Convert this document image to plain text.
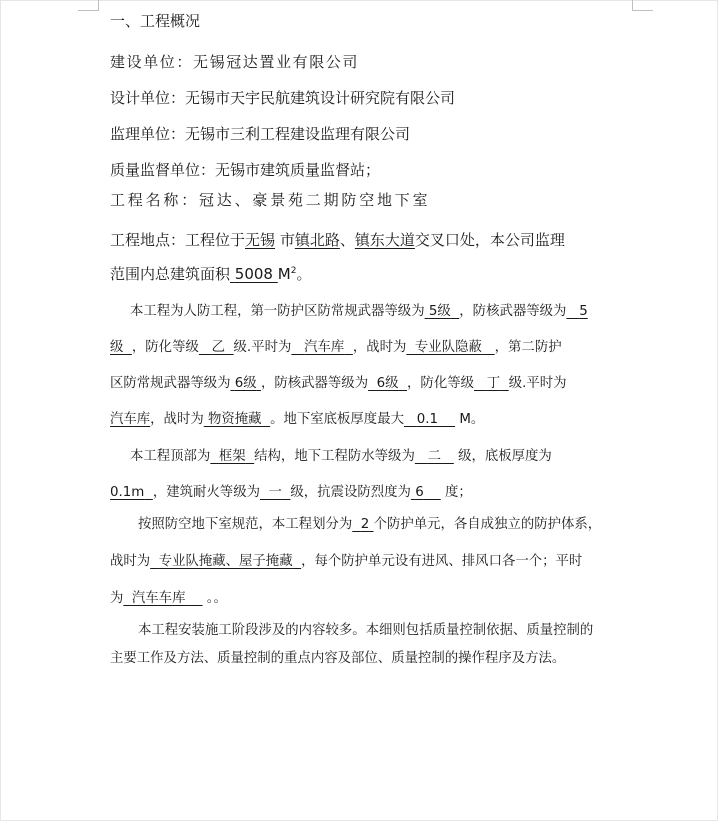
一、工程概况
建设单位：无锡冠达置业有限公司
设计单位：无锡市天宇民航建筑设计研究院有限公司
监理单位：无锡市三利工程建设监理有限公司
质量监督单位：无锡市建筑质量监督站；
工程名称：冠达、豪景苑二期防空地下室
工程地点：工程位于无锡 市镇北路、镇东大道交叉口处，本公司监理
范围内总建筑面积 5008 $M^2$。
本工程为人防工程，第一防护区防常规武器等级为 5级 ，防核武器等级为 5
级 ，防化等级 乙 级.平时为 汽车库 ，战时为 专业队隐蔽 ，第二防护
区防常规武器等级为 6级 ，防核武器等级为 6级 ，防化等级 丁 级.平时为
汽车库，战时为 物资掩藏 。地下室底板厚度最大 0.1 M。
本工程顶部为 框架 结构，地下工程防水等级为 二 级，底板厚度为
0.1m ，建筑耐火等级为 一 级，抗震设防烈度为 6 度；
按照防空地下室规范，本工程划分为 2 个防护单元，各自成独立的防护体系，
战时为 专业队掩藏、屋子掩藏 ，每个防护单元设有进风、排风口各一个；平时
为 汽车车库 。。
本工程安装施工阶段涉及的内容较多。本细则包括质量控制依据、质量控制的
主要工作及方法、质量控制的重点内容及部位、质量控制的操作程序及方法。
